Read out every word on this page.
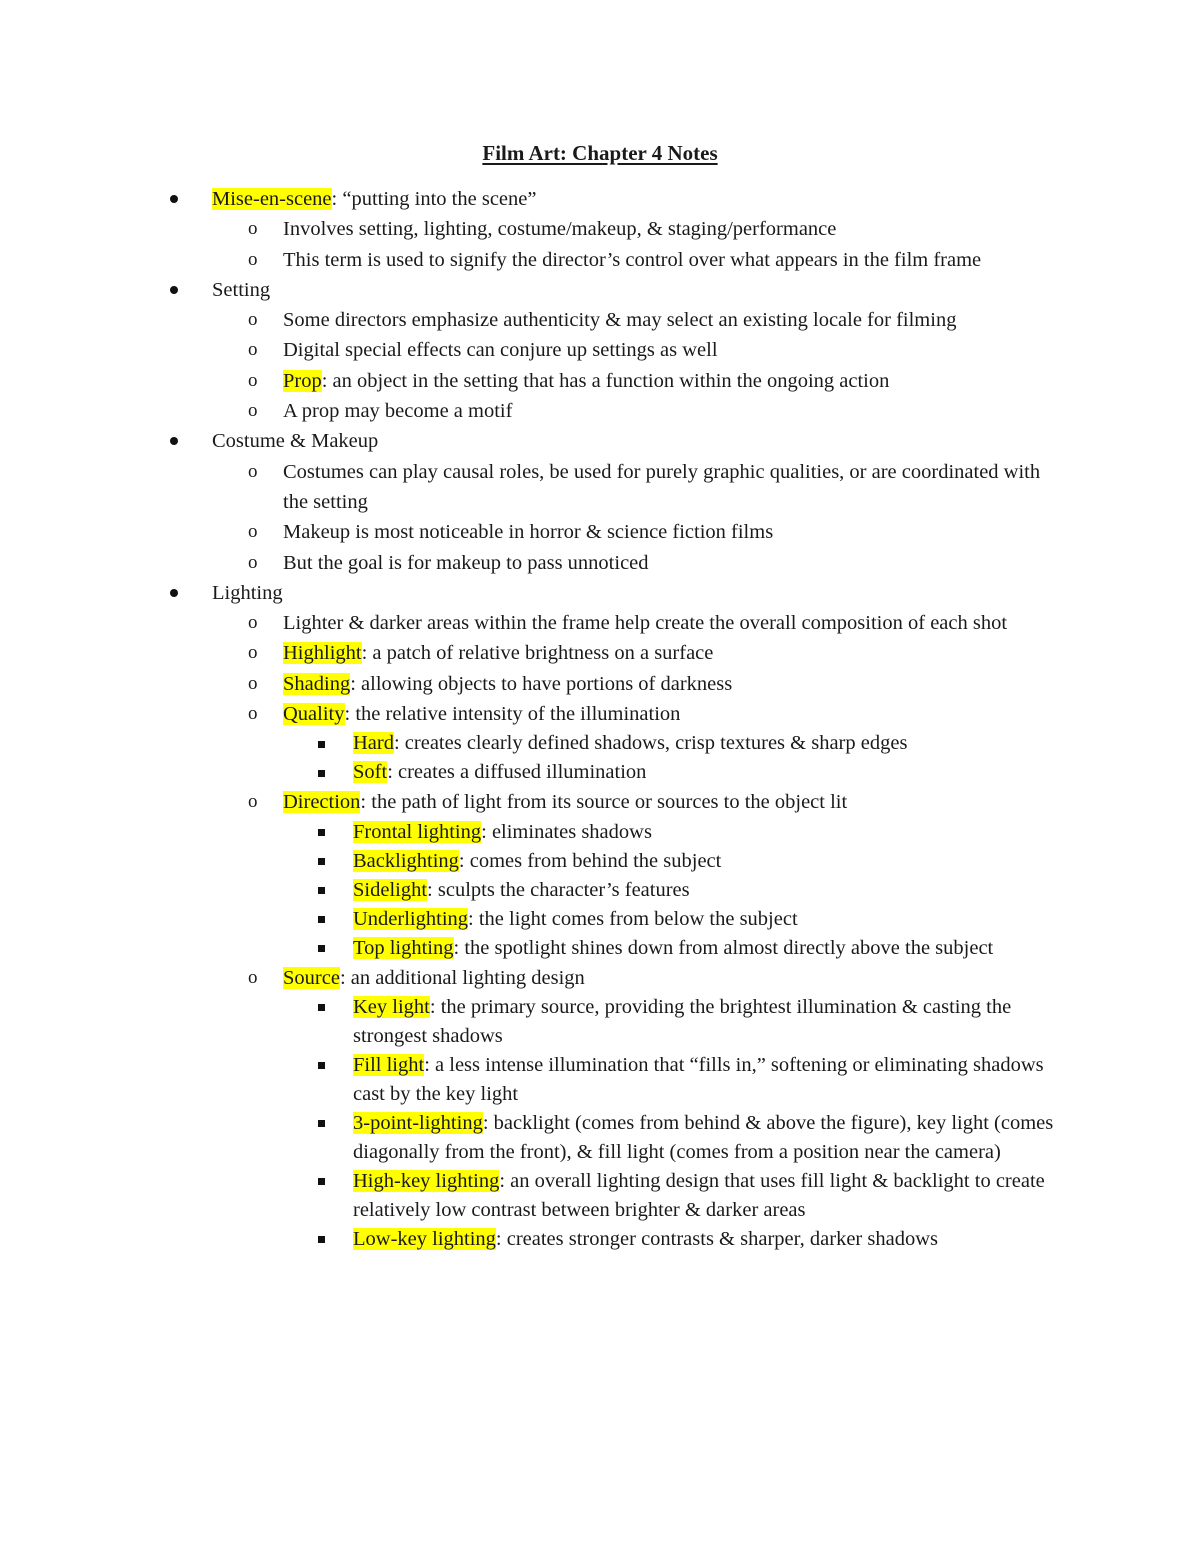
Film Art: Chapter 4 Notes
Mise-en-scene: “putting into the scene”
o Involves setting, lighting, costume/makeup, & staging/performance
o This term is used to signify the director’s control over what appears in the film frame
Setting
o Some directors emphasize authenticity & may select an existing locale for filming
o Digital special effects can conjure up settings as well
o Prop: an object in the setting that has a function within the ongoing action
o A prop may become a motif
Costume & Makeup
o Costumes can play causal roles, be used for purely graphic qualities, or are coordinated with the setting
o Makeup is most noticeable in horror & science fiction films
o But the goal is for makeup to pass unnoticed
Lighting
o Lighter & darker areas within the frame help create the overall composition of each shot
o Highlight: a patch of relative brightness on a surface
o Shading: allowing objects to have portions of darkness
o Quality: the relative intensity of the illumination
Hard: creates clearly defined shadows, crisp textures & sharp edges
Soft: creates a diffused illumination
o Direction: the path of light from its source or sources to the object lit
Frontal lighting: eliminates shadows
Backlighting: comes from behind the subject
Sidelight: sculpts the character’s features
Underlighting: the light comes from below the subject
Top lighting: the spotlight shines down from almost directly above the subject
o Source: an additional lighting design
Key light: the primary source, providing the brightest illumination & casting the strongest shadows
Fill light: a less intense illumination that “fills in,” softening or eliminating shadows cast by the key light
3-point-lighting: backlight (comes from behind & above the figure), key light (comes diagonally from the front), & fill light (comes from a position near the camera)
High-key lighting: an overall lighting design that uses fill light & backlight to create relatively low contrast between brighter & darker areas
Low-key lighting: creates stronger contrasts & sharper, darker shadows
